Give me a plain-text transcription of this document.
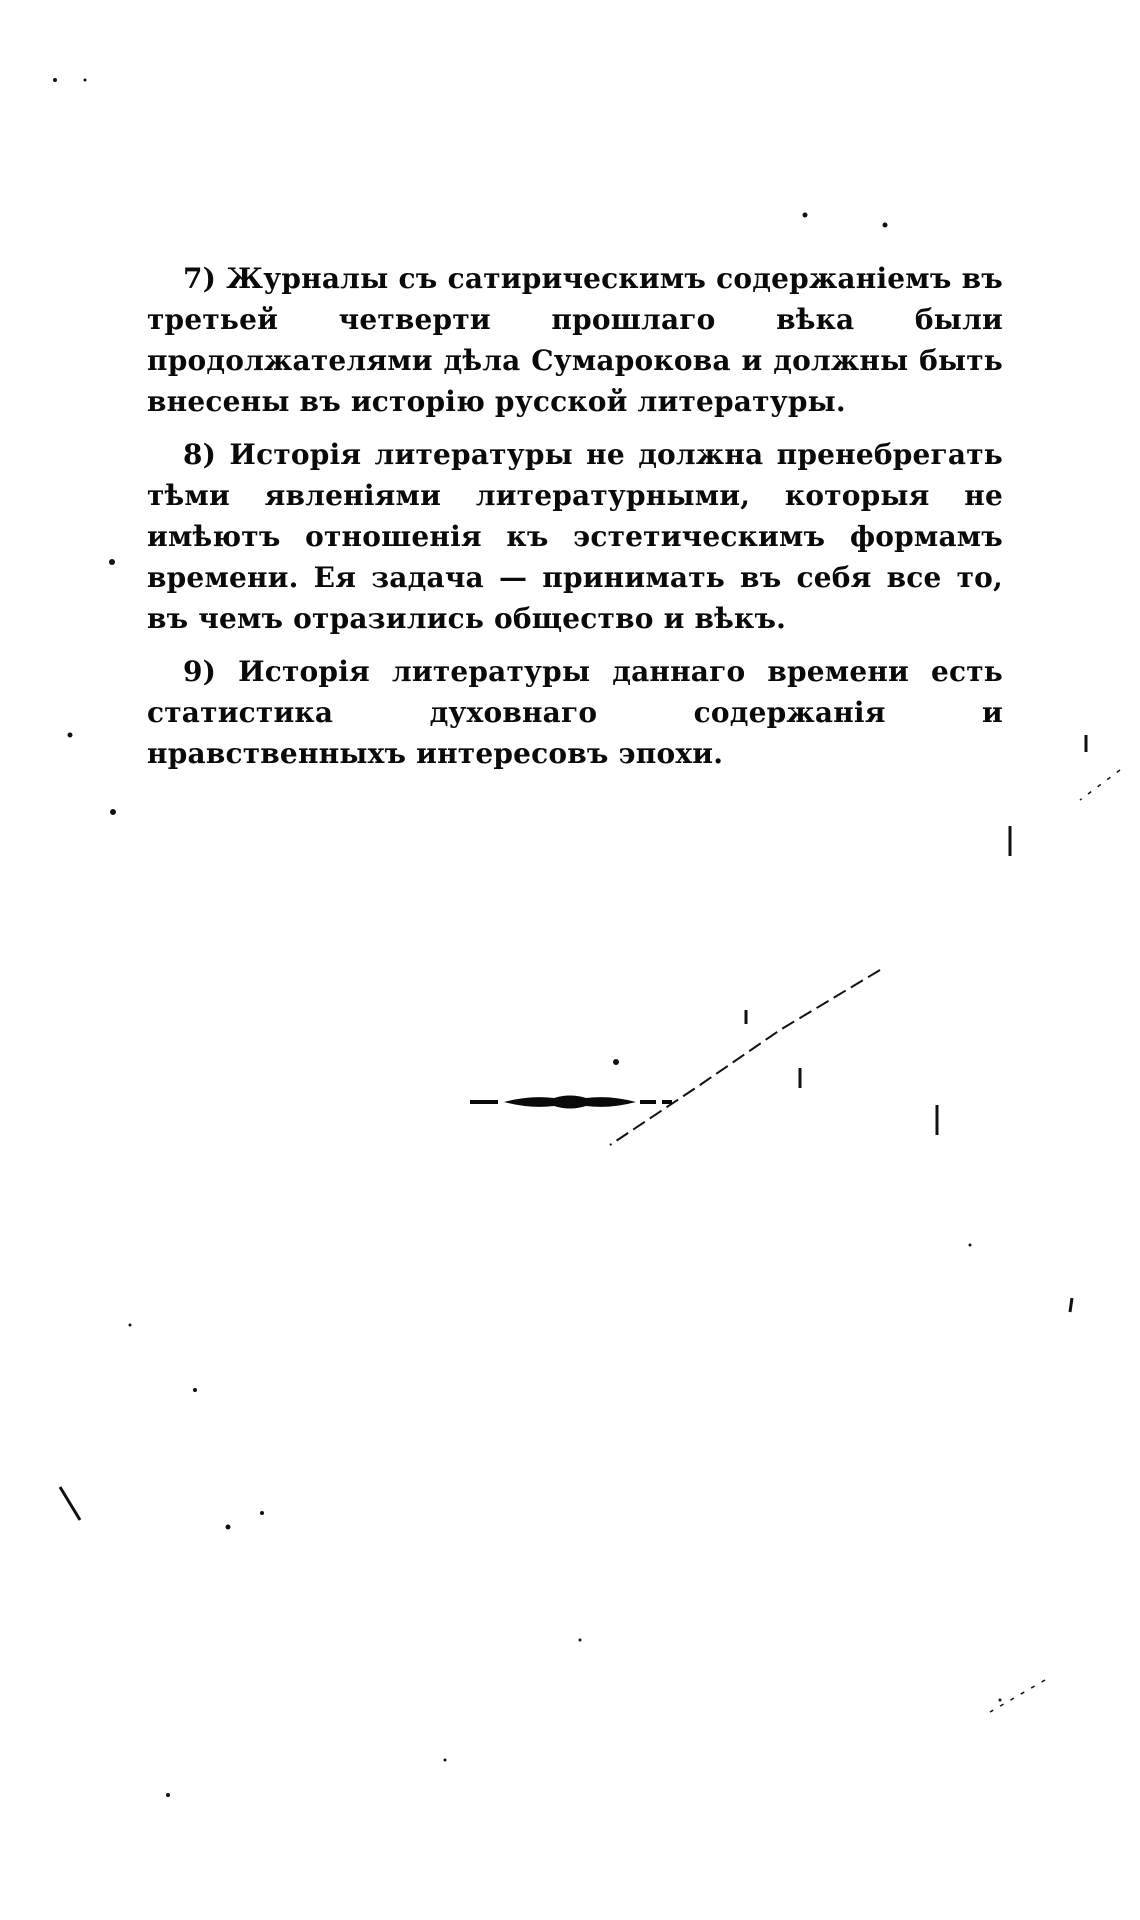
7) Журналы съ сатирическимъ содержаніемъ въ третьей четверти прошлаго вѣка были продолжателями дѣла Сумарокова и должны быть внесены въ исторію русской литературы.

8) Исторія литературы не должна пренебрегать тѣми явленіями литературными, которыя не имѣютъ отношенія къ эстетическимъ формамъ времени. Ея задача — принимать въ себя все то, въ чемъ отразились общество и вѣкъ.

9) Исторія литературы даннаго времени есть статистика духовнаго содержанія и нравственныхъ интересовъ эпохи.
